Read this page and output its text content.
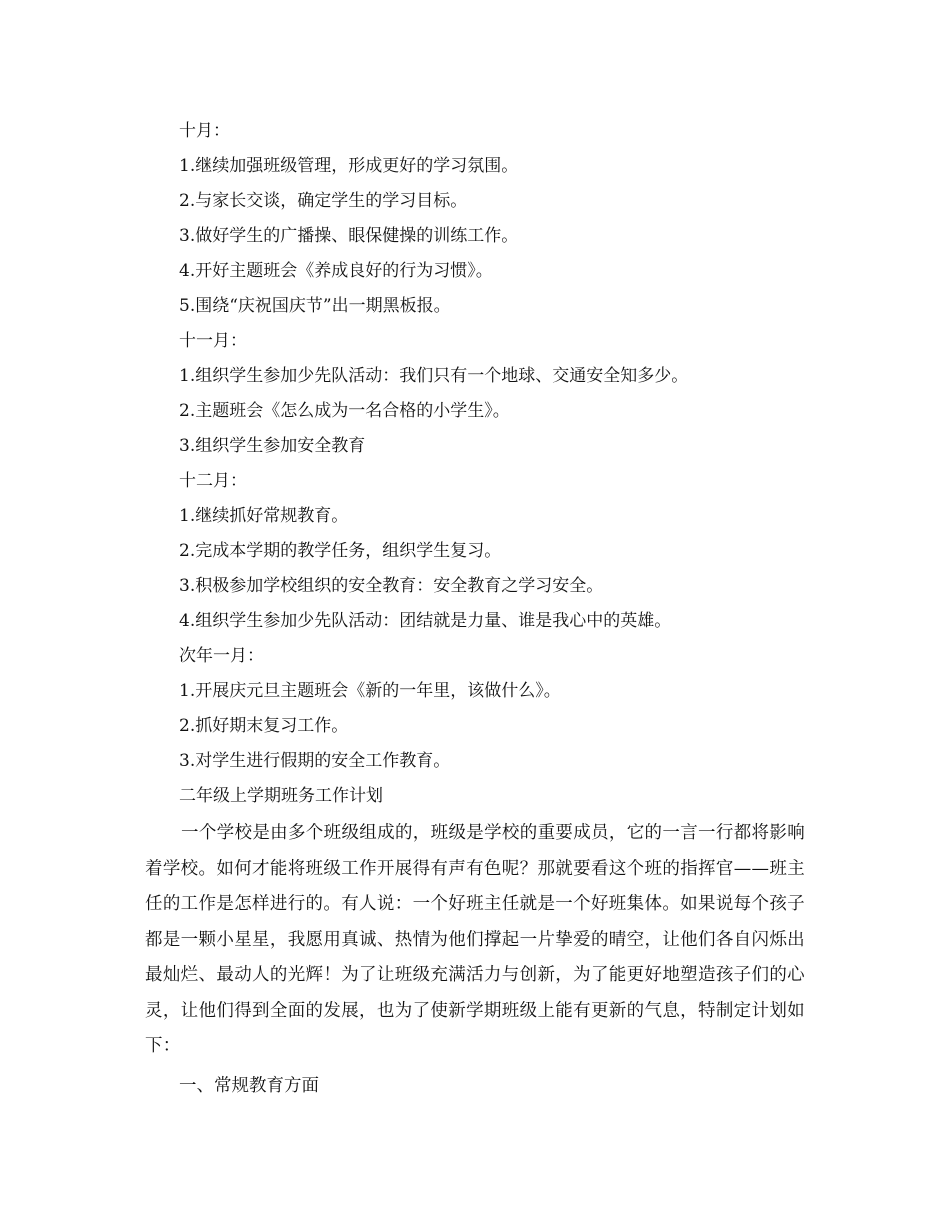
十月：
1.继续加强班级管理，形成更好的学习氛围。
2.与家长交谈，确定学生的学习目标。
3.做好学生的广播操、眼保健操的训练工作。
4.开好主题班会《养成良好的行为习惯》。
5.围绕“庆祝国庆节”出一期黑板报。
十一月：
1.组织学生参加少先队活动：我们只有一个地球、交通安全知多少。
2.主题班会《怎么成为一名合格的小学生》。
3.组织学生参加安全教育
十二月：
1.继续抓好常规教育。
2.完成本学期的教学任务，组织学生复习。
3.积极参加学校组织的安全教育：安全教育之学习安全。
4.组织学生参加少先队活动：团结就是力量、谁是我心中的英雄。
次年一月：
1.开展庆元旦主题班会《新的一年里，该做什么》。
2.抓好期末复习工作。
3.对学生进行假期的安全工作教育。
二年级上学期班务工作计划

一个学校是由多个班级组成的，班级是学校的重要成员，它的一言一行都将影响着学校。如何才能将班级工作开展得有声有色呢？那就要看这个班的指挥官——班主任的工作是怎样进行的。有人说：一个好班主任就是一个好班集体。如果说每个孩子都是一颗小星星，我愿用真诚、热情为他们撑起一片挚爱的晴空，让他们各自闪烁出最灿烂、最动人的光辉！为了让班级充满活力与创新，为了能更好地塑造孩子们的心灵，让他们得到全面的发展，也为了使新学期班级上能有更新的气息，特制定计划如下：

一、常规教育方面
